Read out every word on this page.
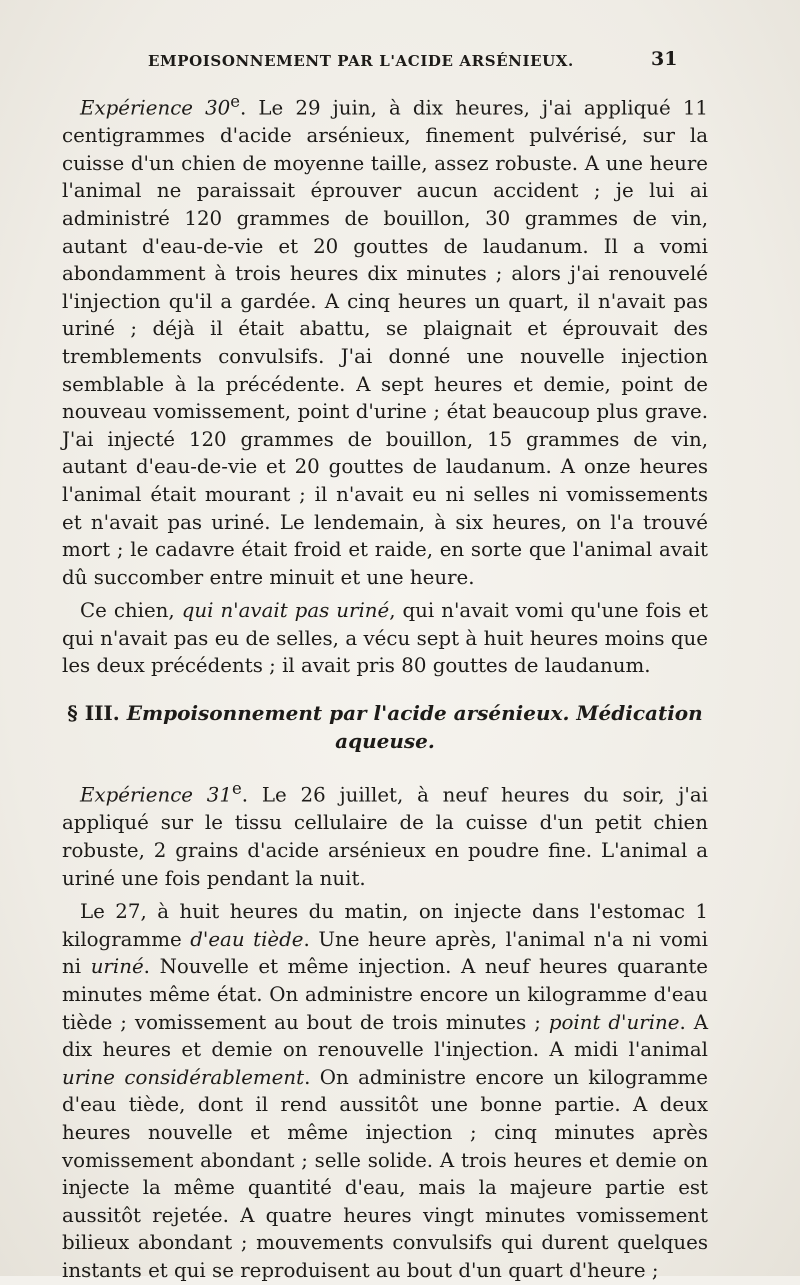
EMPOISONNEMENT PAR L'ACIDE ARSÉNIEUX.	31

Expérience 30e. Le 29 juin, à dix heures, j'ai appliqué 11 centigrammes d'acide arsénieux, finement pulvérisé, sur la cuisse d'un chien de moyenne taille, assez robuste. A une heure l'animal ne paraissait éprouver aucun accident ; je lui ai administré 120 grammes de bouillon, 30 grammes de vin, autant d'eau-de-vie et 20 gouttes de laudanum. Il a vomi abondamment à trois heures dix minutes ; alors j'ai renouvelé l'injection qu'il a gardée. A cinq heures un quart, il n'avait pas uriné ; déjà il était abattu, se plaignait et éprouvait des tremblements convulsifs. J'ai donné une nouvelle injection semblable à la précédente. A sept heures et demie, point de nouveau vomissement, point d'urine ; état beaucoup plus grave. J'ai injecté 120 grammes de bouillon, 15 grammes de vin, autant d'eau-de-vie et 20 gouttes de laudanum. A onze heures l'animal était mourant ; il n'avait eu ni selles ni vomissements et n'avait pas uriné. Le lendemain, à six heures, on l'a trouvé mort ; le cadavre était froid et raide, en sorte que l'animal avait dû succomber entre minuit et une heure.

Ce chien, qui n'avait pas uriné, qui n'avait vomi qu'une fois et qui n'avait pas eu de selles, a vécu sept à huit heures moins que les deux précédents ; il avait pris 80 gouttes de laudanum.

§ III. Empoisonnement par l'acide arsénieux. Médication aqueuse.

Expérience 31e. Le 26 juillet, à neuf heures du soir, j'ai appliqué sur le tissu cellulaire de la cuisse d'un petit chien robuste, 2 grains d'acide arsénieux en poudre fine. L'animal a uriné une fois pendant la nuit.

Le 27, à huit heures du matin, on injecte dans l'estomac 1 kilogramme d'eau tiède. Une heure après, l'animal n'a ni vomi ni uriné. Nouvelle et même injection. A neuf heures quarante minutes même état. On administre encore un kilogramme d'eau tiède ; vomissement au bout de trois minutes ; point d'urine. A dix heures et demie on renouvelle l'injection. A midi l'animal urine considérablement. On administre encore un kilogramme d'eau tiède, dont il rend aussitôt une bonne partie. A deux heures nouvelle et même injection ; cinq minutes après vomissement abondant ; selle solide. A trois heures et demie on injecte la même quantité d'eau, mais la majeure partie est aussitôt rejetée. A quatre heures vingt minutes vomissement bilieux abondant ; mouvements convulsifs qui durent quelques instants et qui se reproduisent au bout d'un quart d'heure ;
